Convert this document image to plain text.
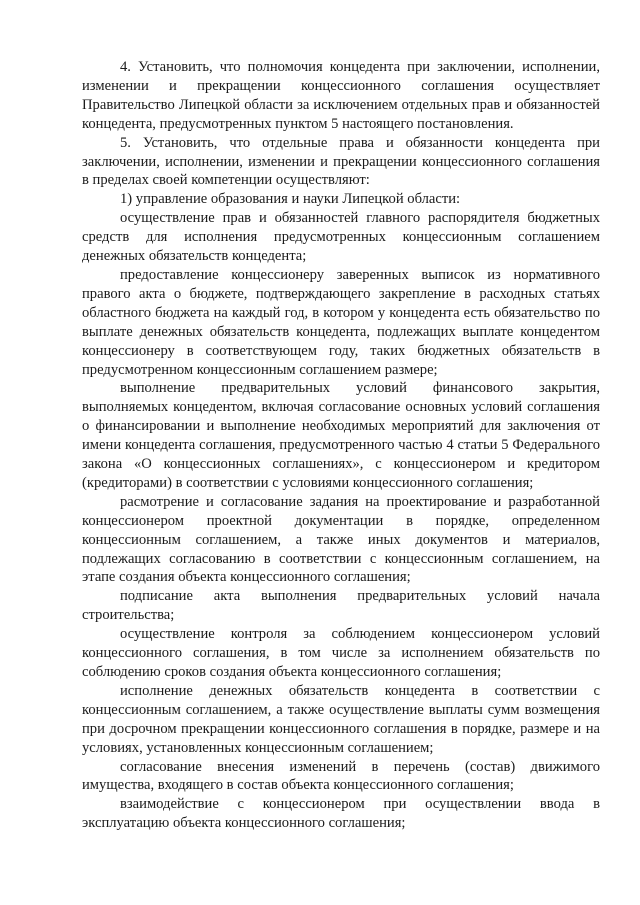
4. Установить, что полномочия концедента при заключении, исполнении, изменении и прекращении концессионного соглашения осуществляет Правительство Липецкой области за исключением отдельных прав и обязанностей концедента, предусмотренных пунктом 5 настоящего постановления.

5. Установить, что отдельные права и обязанности концедента при заключении, исполнении, изменении и прекращении концессионного соглашения в пределах своей компетенции осуществляют:

1) управление образования и науки Липецкой области:

осуществление прав и обязанностей главного распорядителя бюджетных средств для исполнения предусмотренных концессионным соглашением денежных обязательств концедента;

предоставление концессионеру заверенных выписок из нормативного правого акта о бюджете, подтверждающего закрепление в расходных статьях областного бюджета на каждый год, в котором у концедента есть обязательство по выплате денежных обязательств концедента, подлежащих выплате концедентом концессионеру в соответствующем году, таких бюджетных обязательств в предусмотренном концессионным соглашением размере;

выполнение предварительных условий финансового закрытия, выполняемых концедентом, включая согласование основных условий соглашения о финансировании и выполнение необходимых мероприятий для заключения от имени концедента соглашения, предусмотренного частью 4 статьи 5 Федерального закона «О концессионных соглашениях», с концессионером и кредитором (кредиторами) в соответствии с условиями концессионного соглашения;

расмотрение и согласование задания на проектирование и разработанной концессионером проектной документации в порядке, определенном концессионным соглашением, а также иных документов и материалов, подлежащих согласованию в соответствии с концессионным соглашением, на этапе создания объекта концессионного соглашения;

подписание акта выполнения предварительных условий начала строительства;

осуществление контроля за соблюдением концессионером условий концессионного соглашения, в том числе за исполнением обязательств по соблюдению сроков создания объекта концессионного соглашения;

исполнение денежных обязательств концедента в соответствии с концессионным соглашением, а также осуществление выплаты сумм возмещения при досрочном прекращении концессионного соглашения в порядке, размере и на условиях, установленных концессионным соглашением;

согласование внесения изменений в перечень (состав) движимого имущества, входящего в состав объекта концессионного соглашения;

взаимодействие с концессионером при осуществлении ввода в эксплуатацию объекта концессионного соглашения;
